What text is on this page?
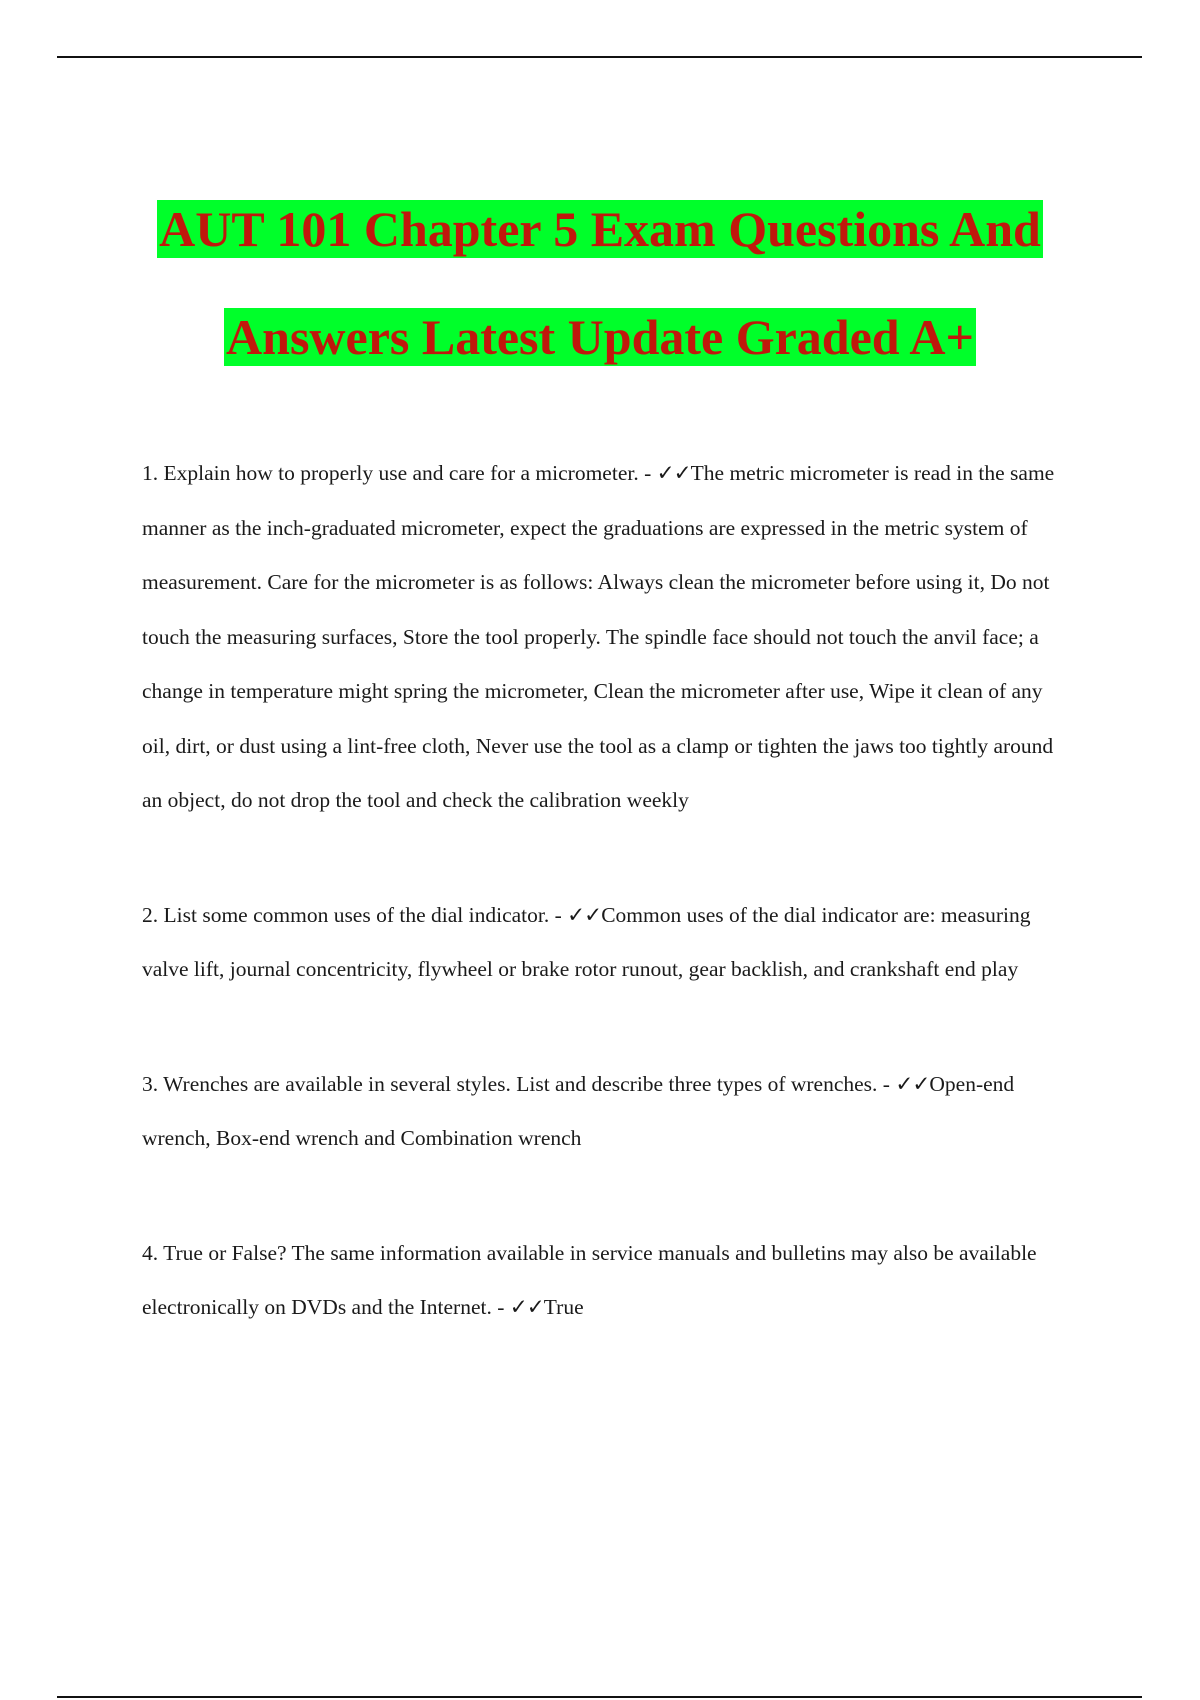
AUT 101 Chapter 5 Exam Questions And
Answers Latest Update Graded A+

1. Explain how to properly use and care for a micrometer. - ✓✓The metric micrometer is read in the same manner as the inch-graduated micrometer, expect the graduations are expressed in the metric system of measurement. Care for the micrometer is as follows: Always clean the micrometer before using it, Do not touch the measuring surfaces, Store the tool properly. The spindle face should not touch the anvil face; a change in temperature might spring the micrometer, Clean the micrometer after use, Wipe it clean of any oil, dirt, or dust using a lint-free cloth, Never use the tool as a clamp or tighten the jaws too tightly around an object, do not drop the tool and check the calibration weekly

2. List some common uses of the dial indicator. - ✓✓Common uses of the dial indicator are: measuring valve lift, journal concentricity, flywheel or brake rotor runout, gear backlish, and crankshaft end play

3. Wrenches are available in several styles. List and describe three types of wrenches. - ✓✓Open-end wrench, Box-end wrench and Combination wrench

4. True or False? The same information available in service manuals and bulletins may also be available electronically on DVDs and the Internet. - ✓✓True
